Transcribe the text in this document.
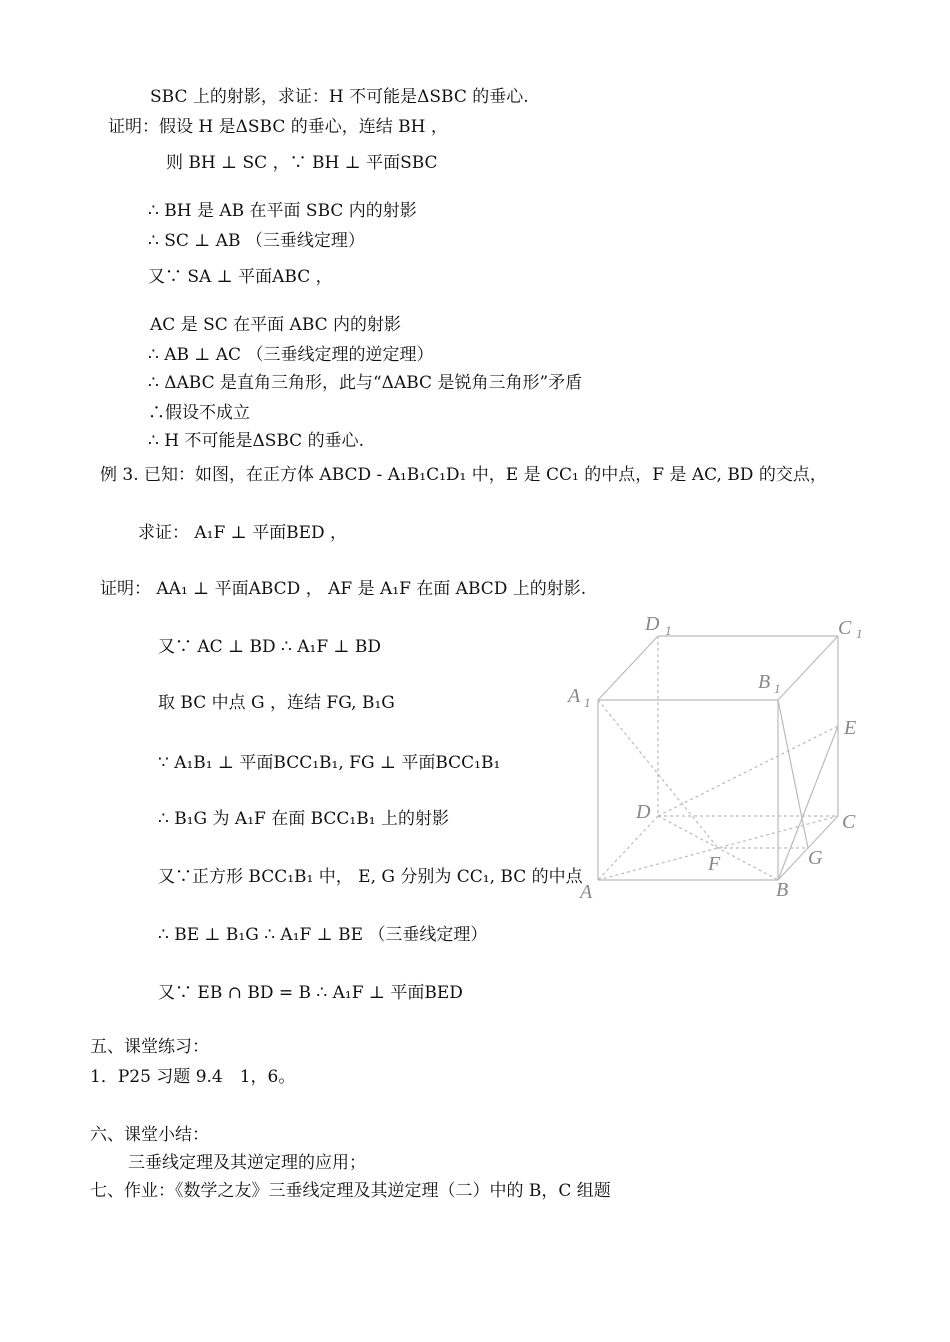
SBC 上的射影，求证：H 不可能是ΔSBC 的垂心.
证明：假设 H 是ΔSBC 的垂心，连结 BH ，
则 BH ⊥ SC ，∵ BH ⊥ 平面SBC
∴ BH 是 AB 在平面 SBC 内的射影
∴ SC ⊥ AB （三垂线定理）
又∵ SA ⊥ 平面ABC ，
AC 是 SC 在平面 ABC 内的射影
∴ AB ⊥ AC （三垂线定理的逆定理）
∴ ΔABC 是直角三角形，此与“ΔABC 是锐角三角形”矛盾
∴假设不成立
∴ H 不可能是ΔSBC 的垂心.
例 3. 已知：如图，在正方体 ABCD - A₁B₁C₁D₁ 中，E 是 CC₁ 的中点，F 是 AC, BD 的交点，
求证： A₁F ⊥ 平面BED ，
证明： AA₁ ⊥ 平面ABCD ， AF 是 A₁F 在面 ABCD 上的射影.
又∵ AC ⊥ BD ∴ A₁F ⊥ BD
取 BC 中点 G ，连结 FG, B₁G
∵ A₁B₁ ⊥ 平面BCC₁B₁, FG ⊥ 平面BCC₁B₁
∴ B₁G 为 A₁F 在面 BCC₁B₁ 上的射影
又∵正方形 BCC₁B₁ 中， E, G 分别为 CC₁, BC 的中点
∴ BE ⊥ B₁G ∴ A₁F ⊥ BE （三垂线定理）
又∵ EB ∩ BD = B ∴ A₁F ⊥ 平面BED
五、课堂练习：
1．P25 习题 9.4　1，6。
六、课堂小结：
三垂线定理及其逆定理的应用；
七、作业：《数学之友》三垂线定理及其逆定理（二）中的 B，C 组题
D 1	C 1
B 1
A 1
E
D	C
G
F
A	B
